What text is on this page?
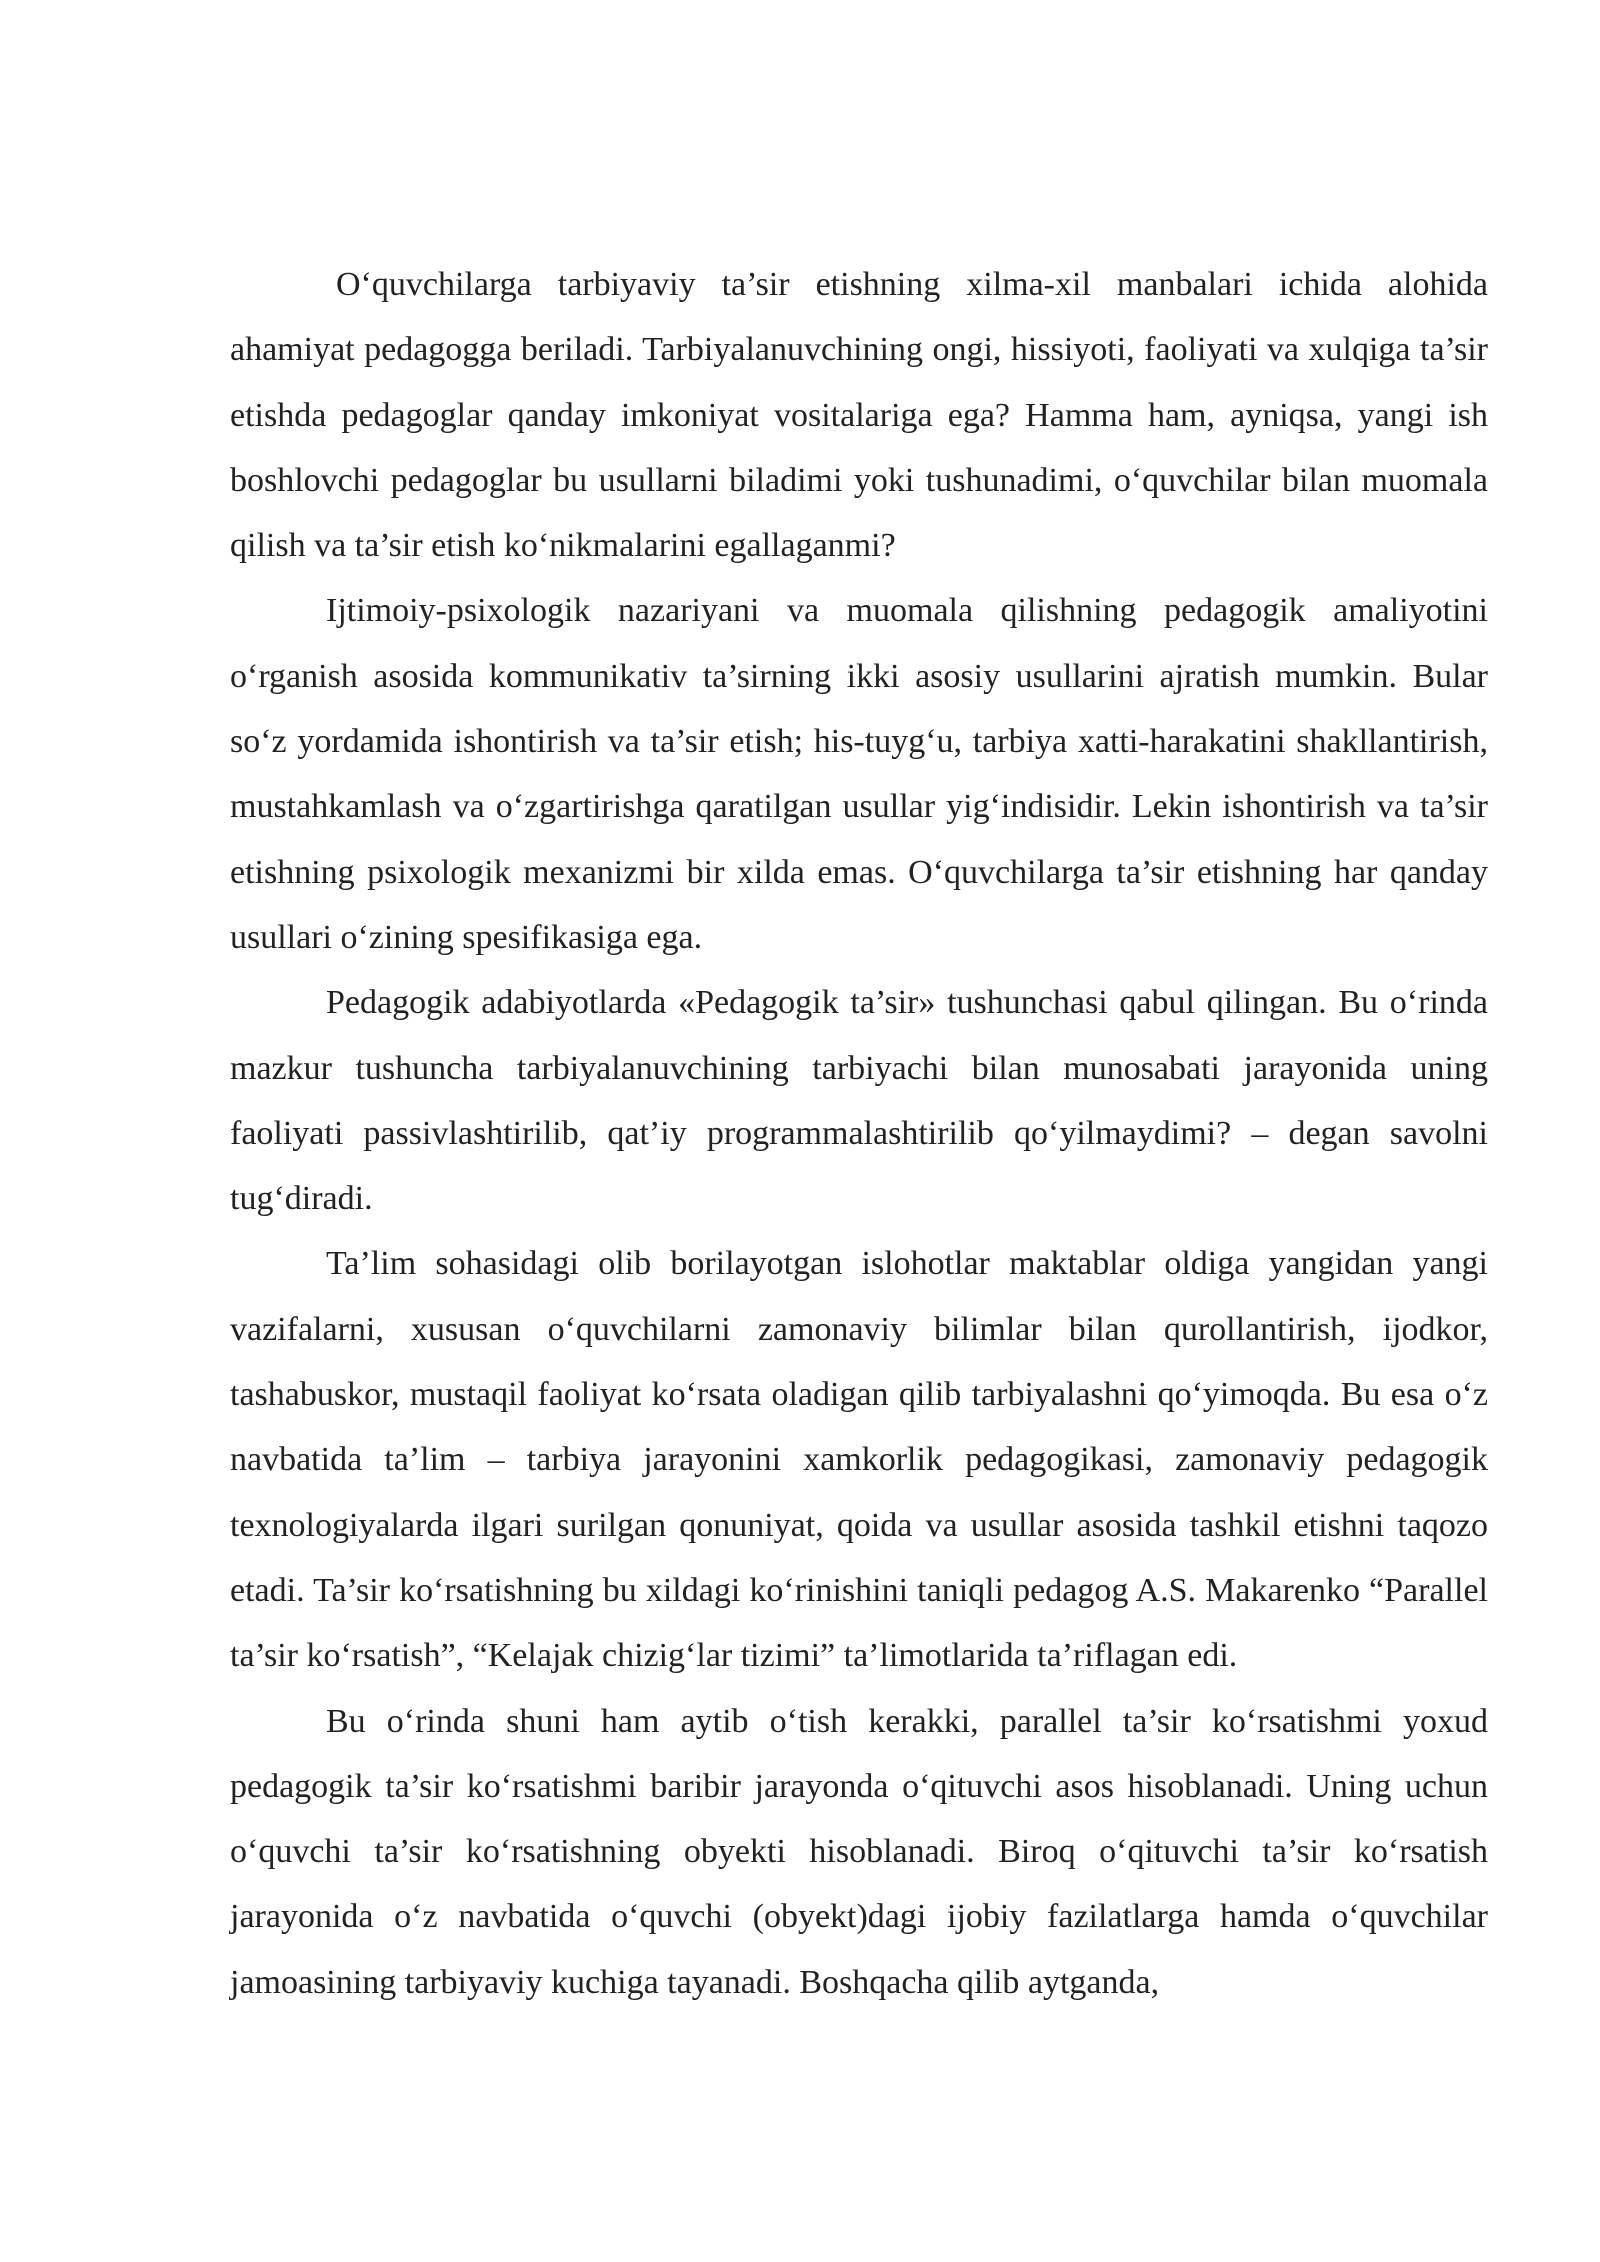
O‘quvchilarga tarbiyaviy ta’sir etishning xilma-xil manbalari ichida alohida ahamiyat pedagogga beriladi. Tarbiyalanuvchining ongi, hissiyoti, faoliyati va xulqiga ta’sir etishda pedagoglar qanday imkoniyat vositalariga ega? Hamma ham, ayniqsa, yangi ish boshlovchi pedagoglar bu usullarni biladimi yoki tushunadimi, o‘quvchilar bilan muomala qilish va ta’sir etish ko‘nikmalarini egallaganmi?

Ijtimoiy-psixologik nazariyani va muomala qilishning pedagogik amaliyotini o‘rganish asosida kommunikativ ta’sirning ikki asosiy usullarini ajratish mumkin. Bular so‘z yordamida ishontirish va ta’sir etish; his-tuyg‘u, tarbiya xatti-harakatini shakllantirish, mustahkamlash va o‘zgartirishga qaratilgan usullar yig‘indisidir. Lekin ishontirish va ta’sir etishning psixologik mexanizmi bir xilda emas. O‘quvchilarga ta’sir etishning har qanday usullari o‘zining spesifikasiga ega.

Pedagogik adabiyotlarda «Pedagogik ta’sir» tushunchasi qabul qilingan. Bu o‘rinda mazkur tushuncha tarbiyalanuvchining tarbiyachi bilan munosabati jarayonida uning faoliyati passivlashtirilib, qat’iy programmalashtirilib qo‘yilmaydimi? – degan savolni tug‘diradi.

Ta’lim sohasidagi olib borilayotgan islohotlar maktablar oldiga yangidan yangi vazifalarni, xususan o‘quvchilarni zamonaviy bilimlar bilan qurollantirish, ijodkor, tashabuskor, mustaqil faoliyat ko‘rsata oladigan qilib tarbiyalashni qo‘yimoqda. Bu esa o‘z navbatida ta’lim – tarbiya jarayonini xamkorlik pedagogikasi, zamonaviy pedagogik texnologiyalarda ilgari surilgan qonuniyat, qoida va usullar asosida tashkil etishni taqozo etadi. Ta’sir ko‘rsatishning bu xildagi ko‘rinishini taniqli pedagog A.S. Makarenko “Parallel ta’sir ko‘rsatish”, “Kelajak chizig‘lar tizimi” ta’limotlarida ta’riflagan edi.

Bu o‘rinda shuni ham aytib o‘tish kerakki, parallel ta’sir ko‘rsatishmi yoxud pedagogik ta’sir ko‘rsatishmi baribir jarayonda o‘qituvchi asos hisoblanadi. Uning uchun o‘quvchi ta’sir ko‘rsatishning obyekti hisoblanadi. Biroq o‘qituvchi ta’sir ko‘rsatish jarayonida o‘z navbatida o‘quvchi (obyekt)dagi ijobiy fazilatlarga hamda o‘quvchilar jamoasining tarbiyaviy kuchiga tayanadi. Boshqacha qilib aytganda,
